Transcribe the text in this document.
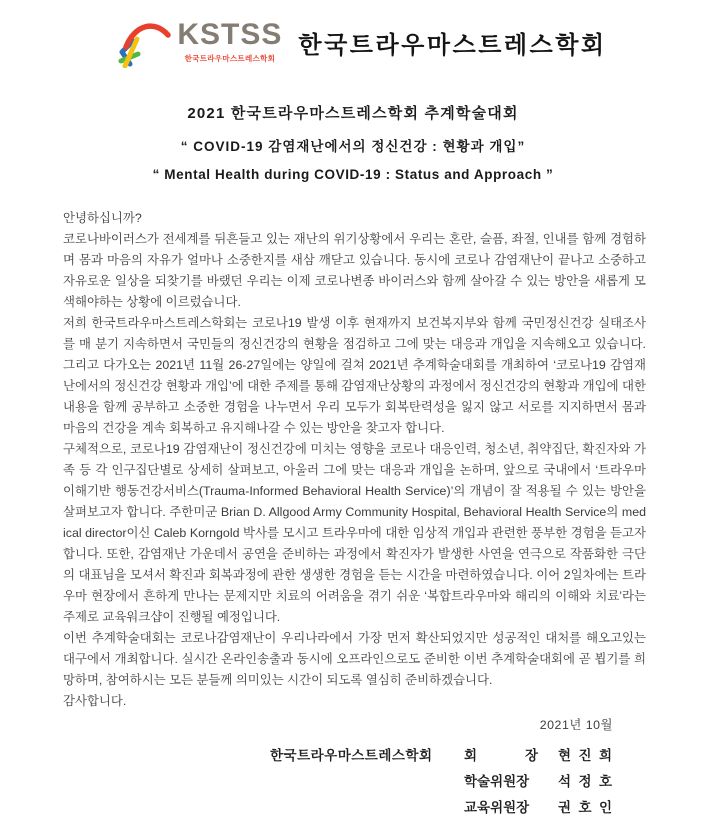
KSTSS
한국트라우마스트레스학회 한국트라우마스트레스학회
2021 한국트라우마스트레스학회 추계학술대회
“ COVID-19 감염재난에서의 정신건강 : 현황과 개입”
“ Mental Health during COVID-19 : Status and Approach ”

안녕하십니까?

코로나바이러스가 전세계를 뒤흔들고 있는 재난의 위기상황에서 우리는 혼란, 슬픔, 좌절, 인내를 함께 경험하며 몸과 마음의 자유가 얼마나 소중한지를 새삼 깨닫고 있습니다. 동시에 코로나 감염재난이 끝나고 소중하고 자유로운 일상을 되찾기를 바랬던 우리는 이제 코로나변종 바이러스와 함께 살아갈 수 있는 방안을 새롭게 모색해야하는 상황에 이르렀습니다.

저희 한국트라우마스트레스학회는 코로나19 발생 이후 현재까지 보건복지부와 함께 국민정신건강 실태조사를 매 분기 지속하면서 국민들의 정신건강의 현황을 점검하고 그에 맞는 대응과 개입을 지속해오고 있습니다. 그리고 다가오는 2021년 11월 26-27일에는 양일에 걸쳐 2021년 추계학술대회를 개최하여 ‘코로나19 감염재난에서의 정신건강 현황과 개입’에 대한 주제를 통해 감염재난상황의 과정에서 정신건강의 현황과 개입에 대한 내용을 함께 공부하고 소중한 경험을 나누면서 우리 모두가 회복탄력성을 잃지 않고 서로를 지지하면서 몸과 마음의 건강을 계속 회복하고 유지해나갈 수 있는 방안을 찾고자 합니다.

구체적으로, 코로나19 감염재난이 정신건강에 미치는 영향을 코로나 대응인력, 청소년, 취약집단, 확진자와 가족 등 각 인구집단별로 상세히 살펴보고, 아울러 그에 맞는 대응과 개입을 논하며, 앞으로 국내에서 ‘트라우마 이해기반 행동건강서비스(Trauma-Informed Behavioral Health Service)’의 개념이 잘 적용될 수 있는 방안을 살펴보고자 합니다. 주한미군 Brian D. Allgood Army Community Hospital, Behavioral Health Service의 medical director이신 Caleb Korngold 박사를 모시고 트라우마에 대한 임상적 개입과 관련한 풍부한 경험을 듣고자 합니다. 또한, 감염재난 가운데서 공연을 준비하는 과정에서 확진자가 발생한 사연을 연극으로 작품화한 극단의 대표님을 모셔서 확진과 회복과정에 관한 생생한 경험을 듣는 시간을 마련하였습니다. 이어 2일차에는 트라우마 현장에서 흔하게 만나는 문제지만 치료의 어려움을 겪기 쉬운 ‘복합트라우마와 해리의 이해와 치료’라는 주제로 교육워크샵이 진행될 예정입니다.

이번 추계학술대회는 코로나감염재난이 우리나라에서 가장 먼저 확산되었지만 성공적인 대처를 해오고있는 대구에서 개최합니다. 실시간 온라인송출과 동시에 오프라인으로도 준비한 이번 추계학술대회에 곧 뵙기를 희망하며, 참여하시는 모든 분들께 의미있는 시간이 되도록 열심히 준비하겠습니다.

감사합니다.

2021년 10월
한국트라우마스트레스학회	회 장 현 진 희
학술위원장	석 정 호
교육위원장	권 호 인
